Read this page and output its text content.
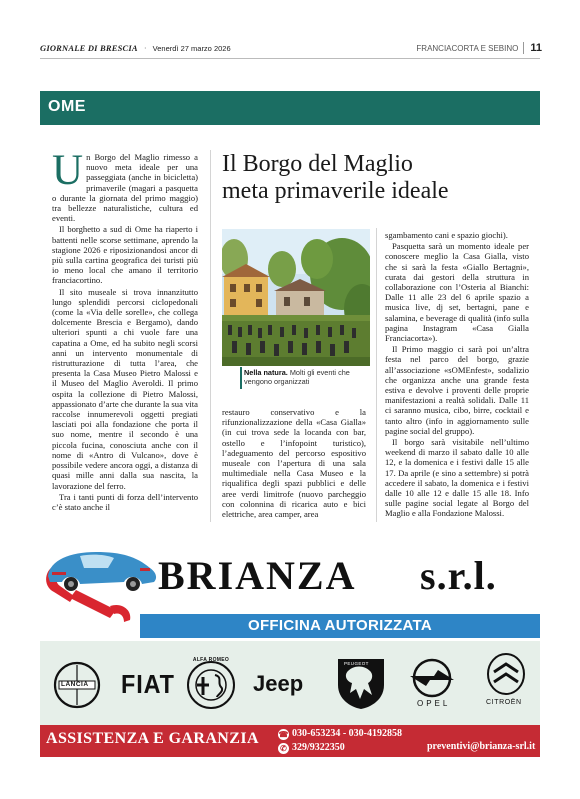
GIORNALE DI BRESCIA · Venerdì 27 marzo 2026	FRANCIACORTA E SEBINO 11
OME

Un Borgo del Maglio rimesso a nuovo meta ideale per una passeggiata (anche in bicicletta) primaverile (magari a pasquetta o durante la giornata del primo maggio) tra bellezze naturalistiche, cultura ed eventi.

Il borghetto a sud di Ome ha riaperto i battenti nelle scorse settimane, aprendo la stagione 2026 e riposizionandosi ancor di più sulla cartina geografica dei turisti più io meno local che amano il territorio franciacortino.

Il sito museale si trova innanzitutto lungo splendidi percorsi ciclopedonali (come la «Via delle sorelle», che collega dolcemente Brescia e Bergamo), dando ulteriori spunti a chi vuole fare una capatina a Ome, ed ha subito negli scorsi anni un intervento monumentale di ristrutturazione di tutta l’area, che presenta la Casa Museo Pietro Malossi e il Museo del Maglio Averoldi. Il primo ospita la collezione di Pietro Malossi, appassionato d’arte che durante la sua vita raccolse innumerevoli oggetti pregiati lasciati poi alla fondazione che porta il suo nome, mentre il secondo è una piccola fucina, conosciuta anche con il nome di «Antro di Vulcano», dove è possibile vedere ancora oggi, a distanza di quasi mille anni dalla sua nascita, la lavorazione del ferro.

Tra i tanti punti di forza dell’intervento c’è stato anche il

Il Borgo del Maglio
meta primaverile ideale
Nella natura. Molti gli eventi che vengono organizzati

restauro conservativo e la rifunzionalizzazione della «Casa Gialla» (in cui trova sede la locanda con bar, ostello e l’infopoint turistico), l’adeguamento del percorso espositivo museale con l’apertura di una sala multimediale nella Casa Museo e la riqualifica degli spazi pubblici e delle aree verdi limitrofe (nuovo parcheggio con colonnina di ricarica auto e bici elettriche, area camper, area

sgambamento cani e spazio giochi).

Pasquetta sarà un momento ideale per conoscere meglio la Casa Gialla, visto che si sarà la festa «Giallo Bertagni», curata dai gestori della struttura in collaborazione con l’Osteria al Bianchi: Dalle 11 alle 23 del 6 aprile spazio a musica live, dj set, bertagni, pane e salamina, e beverage di qualità (info sulla pagina Instagram «Casa Gialla Franciacorta»).

Il Primo maggio ci sarà poi un’altra festa nel parco del borgo, grazie all’associazione «sOMEnfest», sodalizio che organizza anche una grande festa estiva e devolve i proventi delle proprie manifestazioni a realtà solidali. Dalle 11 ci saranno musica, cibo, birre, cocktail e tanto altro (info in aggiornamento sulle pagine social del gruppo).

Il borgo sarà visitabile nell’ultimo weekend di marzo il sabato dalle 10 alle 12, e la domenica e i festivi dalle 15 alle 17. Da aprile (e sino a settembre) si potrà accedere il sabato, la domenica e i festivi dalle 10 alle 12 e dalle 15 alle 18. Info sulle pagine social legate al Borgo del Maglio e alla Fondazione Malossi.

BRIANZA s.r.l.
OFFICINA AUTORIZZATA
LANCIA FIAT
ALFA ROMEO
Jeep
PEUGEOT
OPEL	CITROËN
ASSISTENZA E GARANZIA ☎ 030-653234 - 030-4192858
✆ 329/9322350	preventivi@brianza-srl.it
